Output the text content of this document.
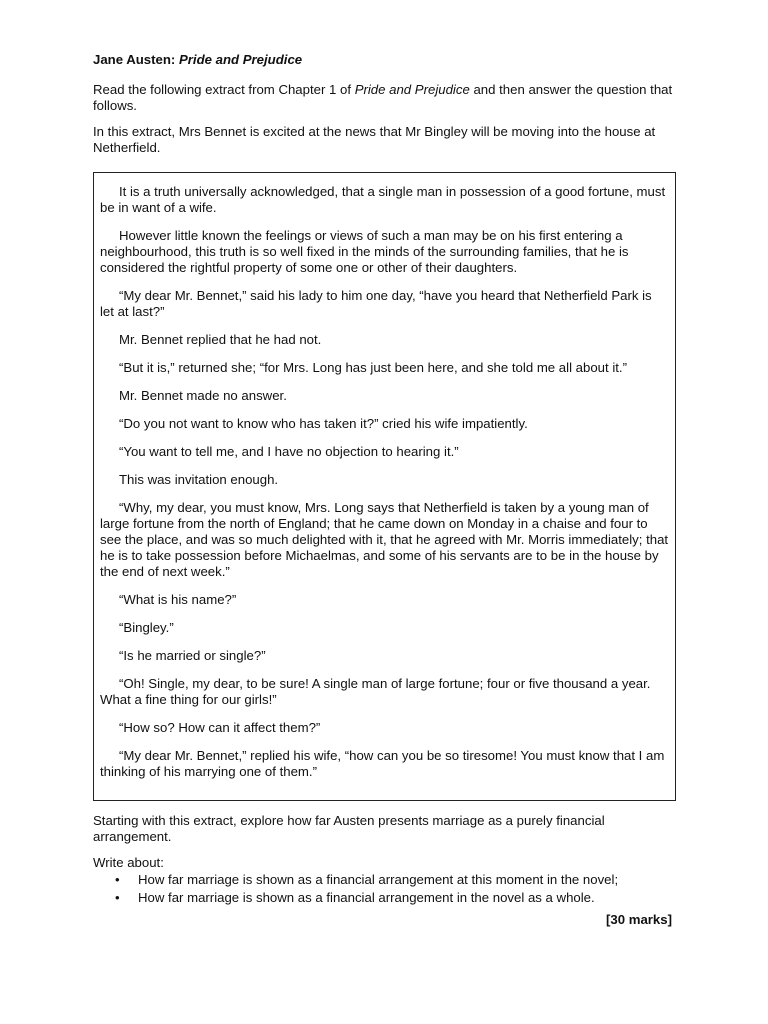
Jane Austen: Pride and Prejudice

Read the following extract from Chapter 1 of Pride and Prejudice and then answer the question that follows.

In this extract, Mrs Bennet is excited at the news that Mr Bingley will be moving into the house at Netherfield.

It is a truth universally acknowledged, that a single man in possession of a good fortune, must be in want of a wife.

However little known the feelings or views of such a man may be on his first entering a neighbourhood, this truth is so well fixed in the minds of the surrounding families, that he is considered the rightful property of some one or other of their daughters.

“My dear Mr. Bennet,” said his lady to him one day, “have you heard that Netherfield Park is let at last?”

Mr. Bennet replied that he had not.

“But it is,” returned she; “for Mrs. Long has just been here, and she told me all about it.”

Mr. Bennet made no answer.

“Do you not want to know who has taken it?” cried his wife impatiently.

“You want to tell me, and I have no objection to hearing it.”

This was invitation enough.

“Why, my dear, you must know, Mrs. Long says that Netherfield is taken by a young man of large fortune from the north of England; that he came down on Monday in a chaise and four to see the place, and was so much delighted with it, that he agreed with Mr. Morris immediately; that he is to take possession before Michaelmas, and some of his servants are to be in the house by the end of next week.”

“What is his name?”

“Bingley.”

“Is he married or single?”

“Oh! Single, my dear, to be sure! A single man of large fortune; four or five thousand a year. What a fine thing for our girls!”

“How so? How can it affect them?”

“My dear Mr. Bennet,” replied his wife, “how can you be so tiresome! You must know that I am thinking of his marrying one of them.”

Starting with this extract, explore how far Austen presents marriage as a purely financial arrangement.

Write about:

• How far marriage is shown as a financial arrangement at this moment in the novel;
• How far marriage is shown as a financial arrangement in the novel as a whole.
[30 marks]
